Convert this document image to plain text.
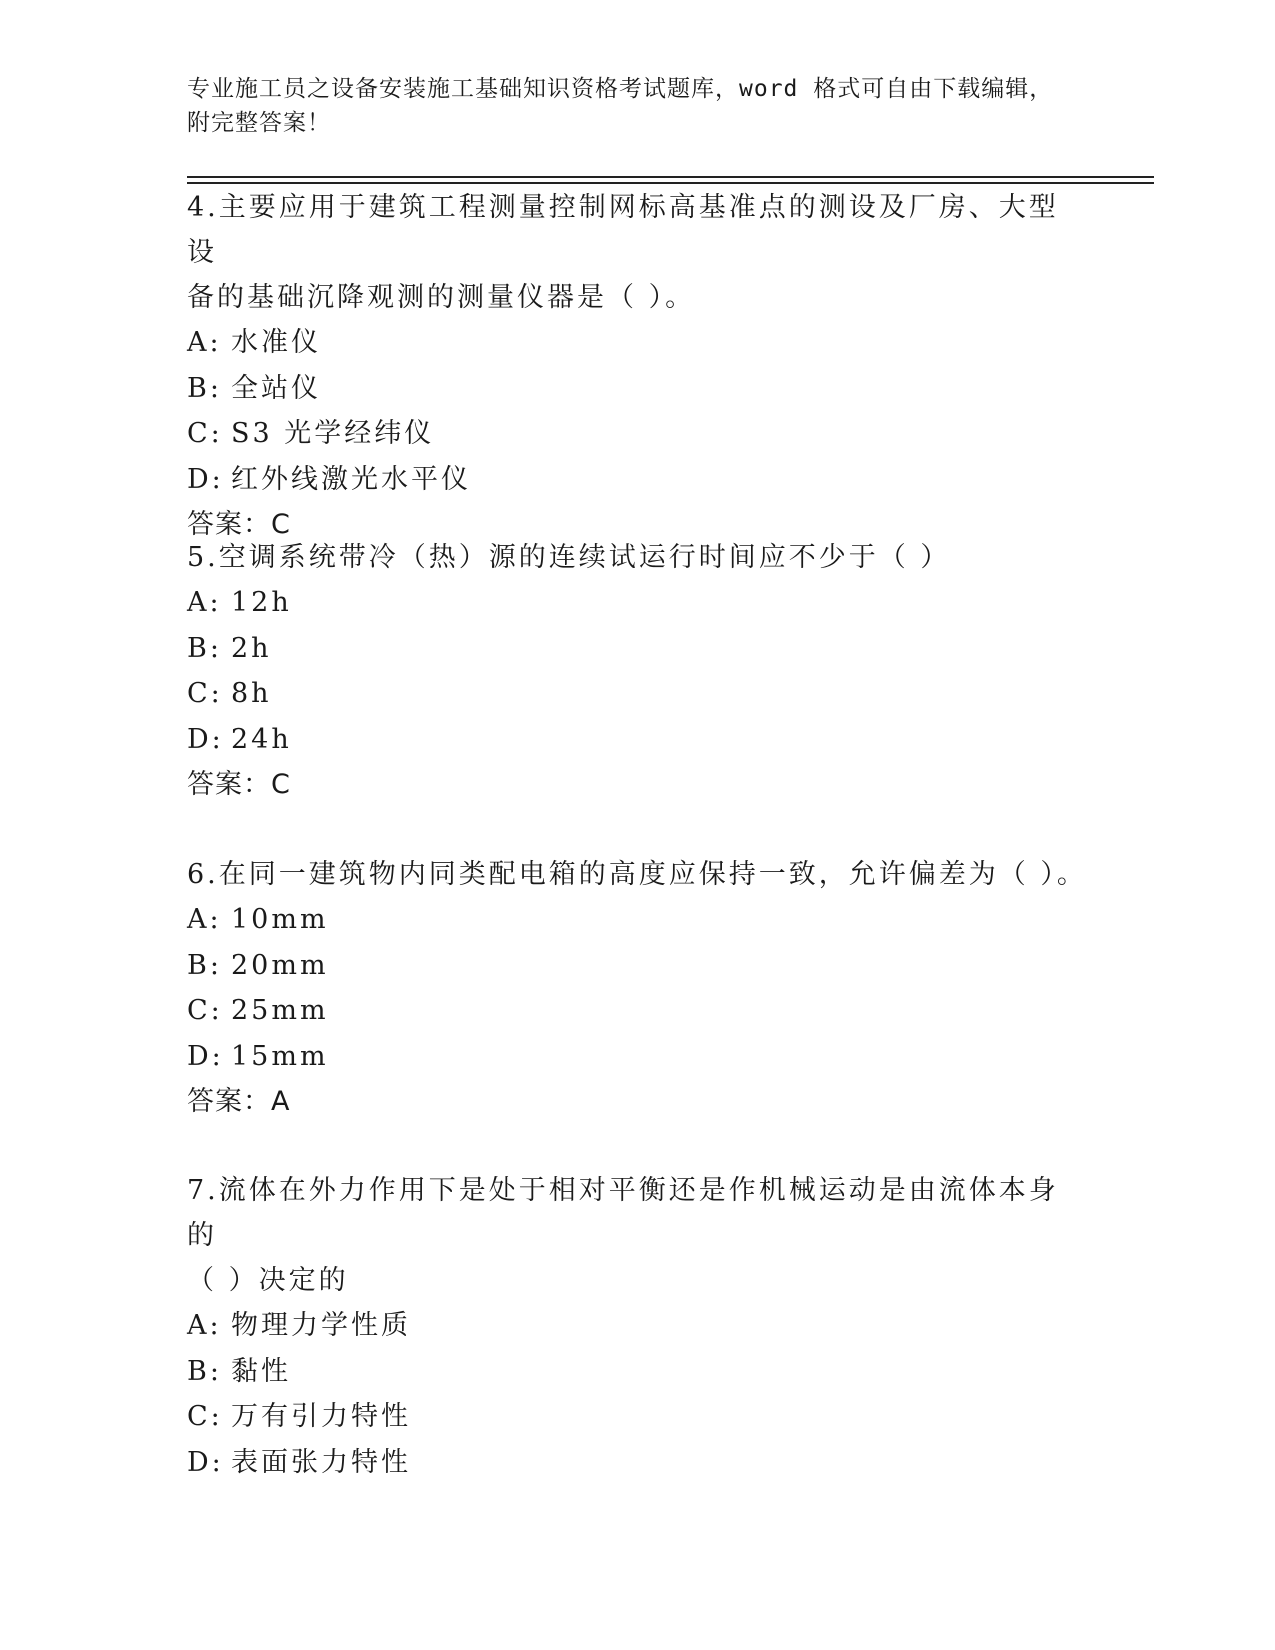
专业施工员之设备安装施工基础知识资格考试题库，word 格式可自由下载编辑，
附完整答案！

4.主要应用于建筑工程测量控制网标高基准点的测设及厂房、大型设

备的基础沉降观测的测量仪器是（ ）。

A: 水准仪

B: 全站仪

C: S3 光学经纬仪

D: 红外线激光水平仪

答案：C

5.空调系统带冷（热）源的连续试运行时间应不少于（ ）

A: 12h

B: 2h

C: 8h

D: 24h

答案：C

6.在同一建筑物内同类配电箱的高度应保持一致，允许偏差为（ ）。

A: 10mm

B: 20mm

C: 25mm

D: 15mm

答案：A

7.流体在外力作用下是处于相对平衡还是作机械运动是由流体本身的

（ ）决定的

A: 物理力学性质

B: 黏性

C: 万有引力特性

D: 表面张力特性
